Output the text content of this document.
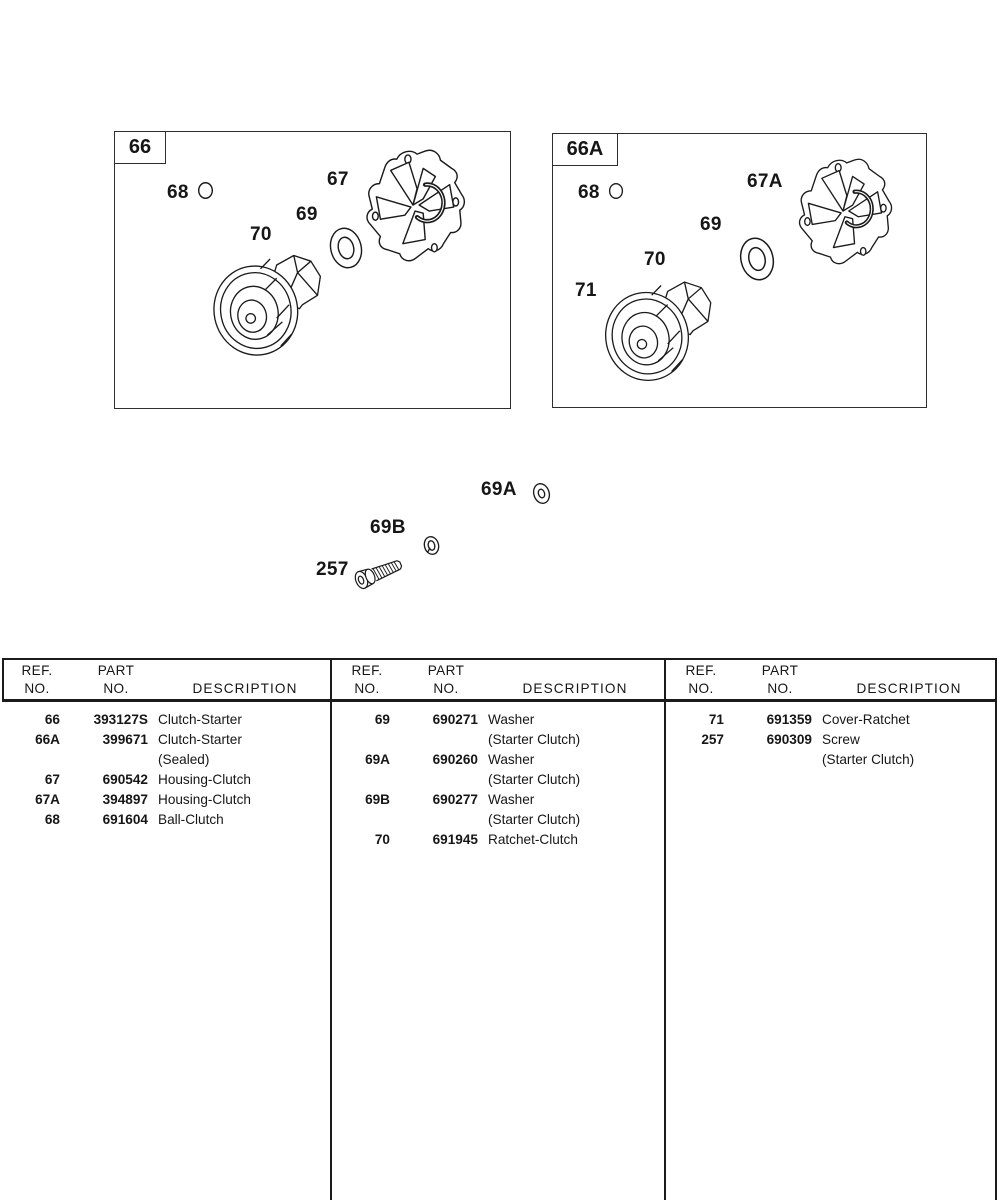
66
68
67
69
70
66A
68
67A
69
70
71
69A
69B
257
REF.
NO.
PART
NO.	DESCRIPTION
66	393127S Clutch-Starter
66A	399671 Clutch-Starter
(Sealed)
67	690542 Housing-Clutch
67A	394897 Housing-Clutch
68	691604 Ball-Clutch
REF.
NO.
PART
NO.	DESCRIPTION
69	690271 Washer
(Starter Clutch)
69A	690260 Washer
(Starter Clutch)
69B	690277 Washer
(Starter Clutch)
70	691945 Ratchet-Clutch
REF.
NO.
PART
NO.	DESCRIPTION
71	691359 Cover-Ratchet
257	690309 Screw
(Starter Clutch)
